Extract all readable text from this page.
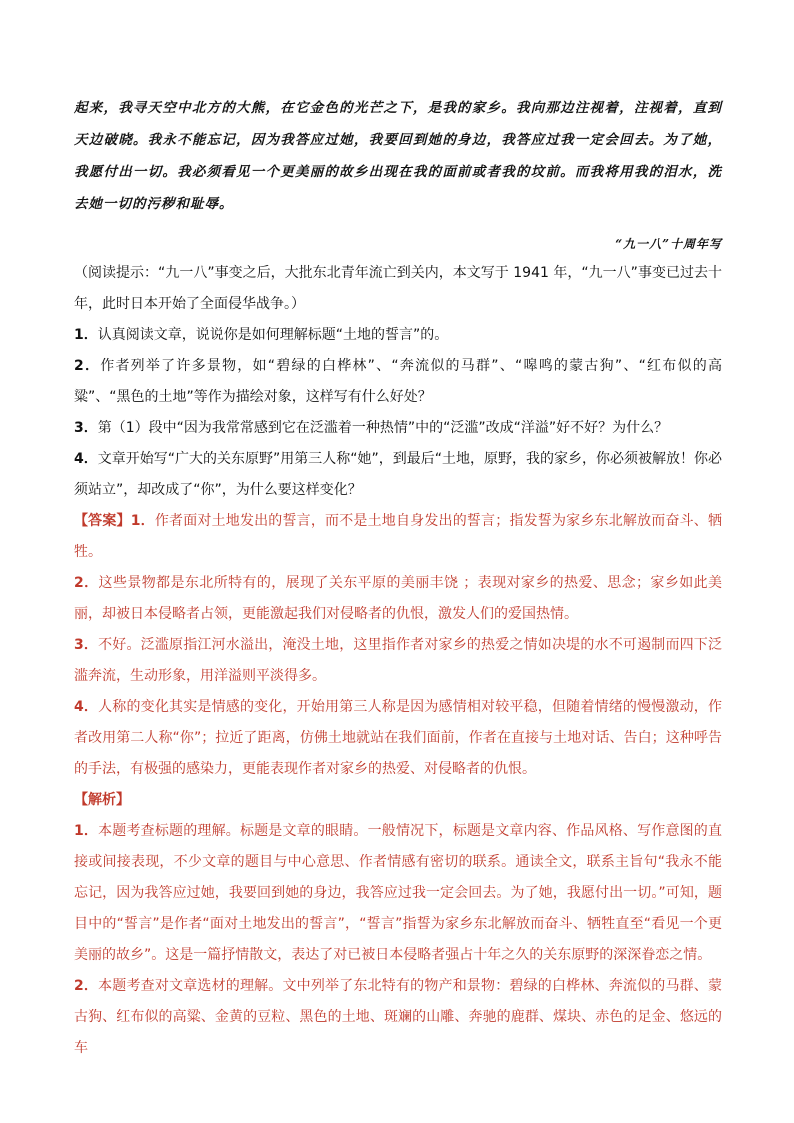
起来，我寻天空中北方的大熊，在它金色的光芒之下，是我的家乡。我向那边注视着，注视着，直到天边破晓。我永不能忘记，因为我答应过她，我要回到她的身边，我答应过我一定会回去。为了她，我愿付出一切。我必须看见一个更美丽的故乡出现在我的面前或者我的坟前。而我将用我的泪水，洗去她一切的污秽和耻辱。

“九一八”十周年写

（阅读提示：“九一八”事变之后，大批东北青年流亡到关内，本文写于 1941 年，“九一八”事变已过去十年，此时日本开始了全面侵华战争。）

1．认真阅读文章，说说你是如何理解标题“土地的誓言”的。

2．作者列举了许多景物，如“碧绿的白桦林”、“奔流似的马群”、“嗥鸣的蒙古狗”、“红布似的高粱”、“黑色的土地”等作为描绘对象，这样写有什么好处？

3．第（1）段中“因为我常常感到它在泛滥着一种热情”中的“泛滥”改成“洋溢”好不好？为什么？

4．文章开始写“广大的关东原野”用第三人称“她”，到最后“土地，原野，我的家乡，你必须被解放！你必须站立”，却改成了“你”，为什么要这样变化？

【答案】1．作者面对土地发出的誓言，而不是土地自身发出的誓言；指发誓为家乡东北解放而奋斗、牺牲。

2．这些景物都是东北所特有的，展现了关东平原的美丽丰饶 ；表现对家乡的热爱、思念；家乡如此美丽，却被日本侵略者占领，更能激起我们对侵略者的仇恨，激发人们的爱国热情。

3．不好。泛滥原指江河水溢出，淹没土地，这里指作者对家乡的热爱之情如决堤的水不可遏制而四下泛滥奔流，生动形象，用洋溢则平淡得多。

4．人称的变化其实是情感的变化，开始用第三人称是因为感情相对较平稳，但随着情绪的慢慢激动，作者改用第二人称“你”；拉近了距离，仿佛土地就站在我们面前，作者在直接与土地对话、告白；这种呼告的手法，有极强的感染力，更能表现作者对家乡的热爱、对侵略者的仇恨。

【解析】

1．本题考查标题的理解。标题是文章的眼睛。一般情况下，标题是文章内容、作品风格、写作意图的直接或间接表现，不少文章的题目与中心意思、作者情感有密切的联系。通读全文，联系主旨句“我永不能忘记，因为我答应过她，我要回到她的身边，我答应过我一定会回去。为了她，我愿付出一切。”可知，题目中的“誓言”是作者“面对土地发出的誓言”，“誓言”指誓为家乡东北解放而奋斗、牺牲直至“看见一个更美丽的故乡”。这是一篇抒情散文，表达了对已被日本侵略者强占十年之久的关东原野的深深眷恋之情。

2．本题考查对文章选材的理解。文中列举了东北特有的物产和景物：碧绿的白桦林、奔流似的马群、蒙古狗、红布似的高粱、金黄的豆粒、黑色的土地、斑斓的山雕、奔驰的鹿群、煤块、赤色的足金、悠远的车
